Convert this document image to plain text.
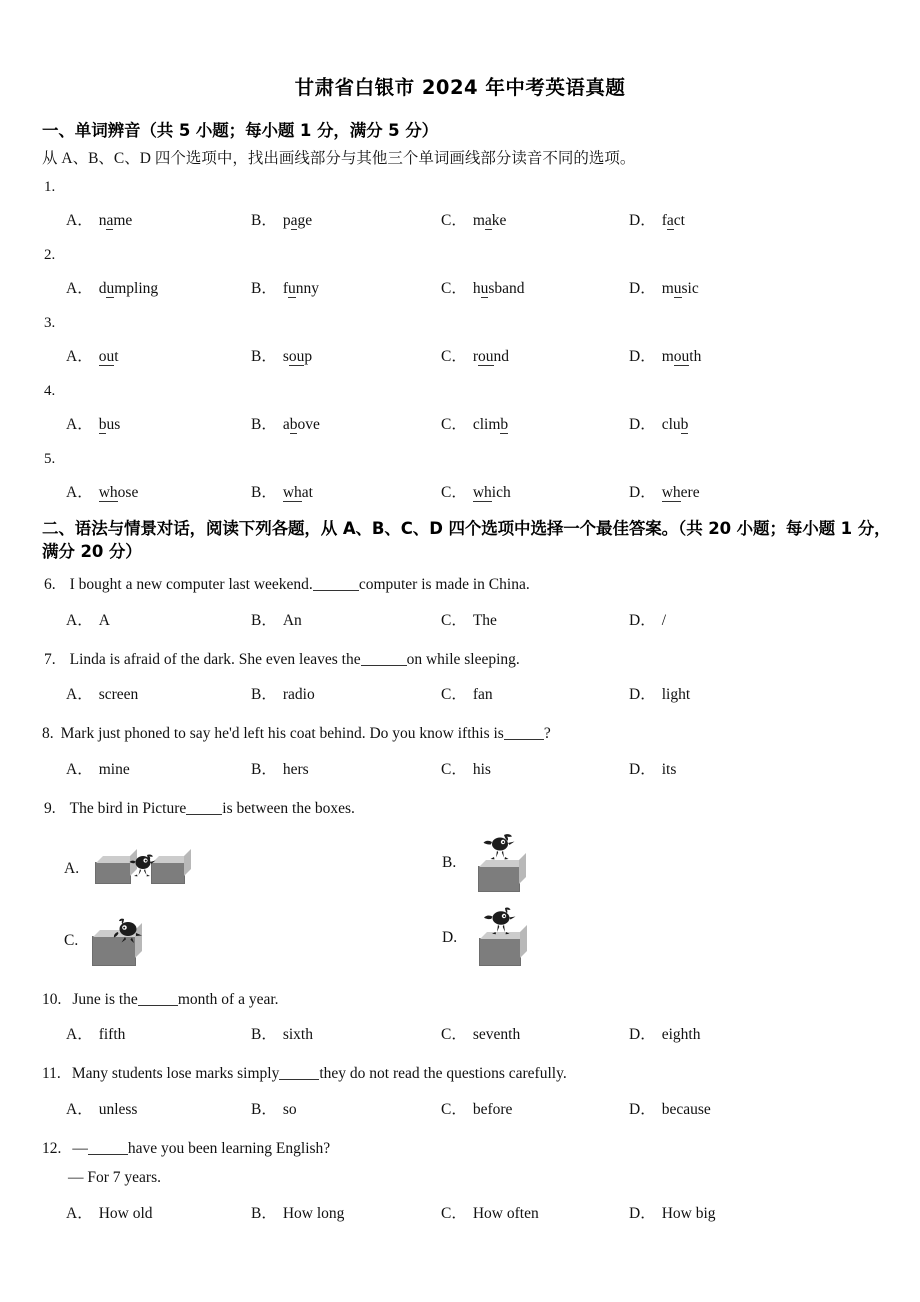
甘肃省白银市 2024 年中考英语真题
一、单词辨音（共 5 小题；每小题 1 分，满分 5 分）
从 A、B、C、D 四个选项中，找出画线部分与其他三个单词画线部分读音不同的选项。
1.
A． name	B． page	C． make	D． fact
2.
A． dumpling	B． funny	C． husband	D． music
3.
A． out	B． soup	C． round	D． mouth
4.
A． bus	B． above	C． climb	D． club
5.
A． whose	B． what	C． which	D． where
二、语法与情景对话，阅读下列各题，从 A、B、C、D 四个选项中选择一个最佳答案。（共 20 小题；每小题 1 分，满分 20 分）
6. I bought a new computer last weekend.	computer is made in China.
A． A	B． An	C． The	D． /
7. Linda is afraid of the dark. She even leaves the	on while sleeping.
A． screen	B． radio	C． fan	D． light
8. Mark just phoned to say he'd left his coat behind. Do you know ifthis is	?
A． mine	B． hers	C． his	D． its
9. The bird in Picture is between the boxes.
A.	B.
C.	D.
10. June is the	month of a year.
A． fifth	B． sixth	C． seventh	D． eighth
11. Many students lose marks simply	they do not read the questions carefully.
A． unless	B． so	C． before	D． because
12. —	have you been learning English?
— For 7 years.
A． How old	B． How long	C． How often	D． How big
